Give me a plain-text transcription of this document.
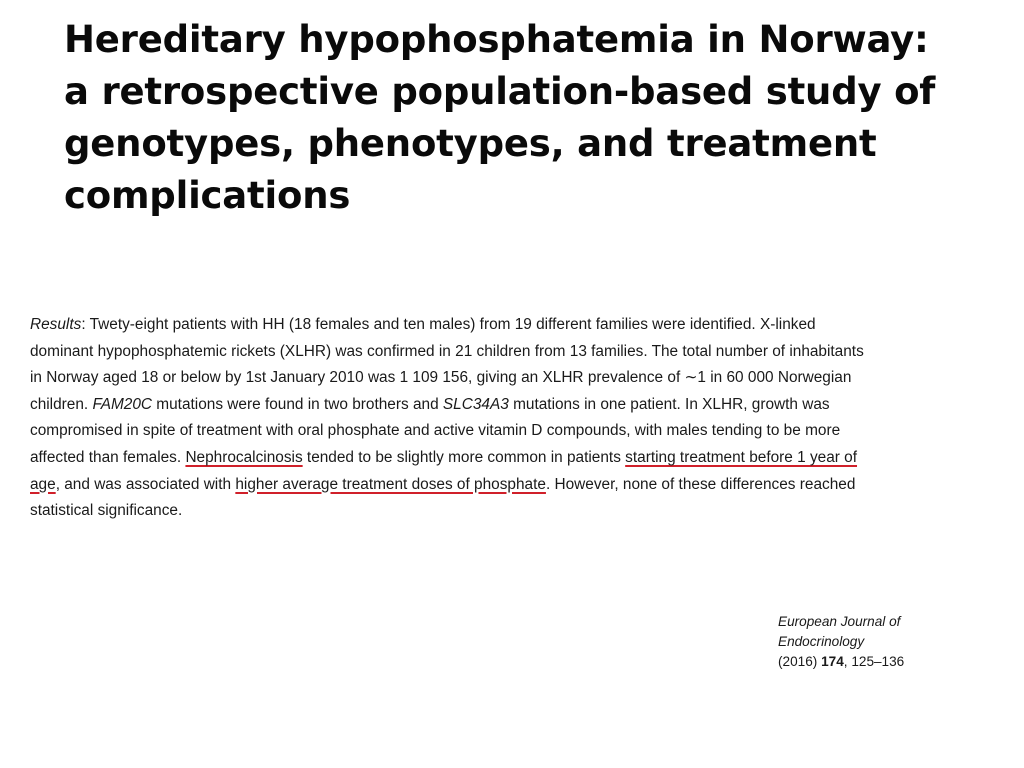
Hereditary hypophosphatemia in Norway:
a retrospective population-based study of
genotypes, phenotypes, and treatment
complications
Results: Twety-eight patients with HH (18 females and ten males) from 19 different families were identified. X-linked
dominant hypophosphatemic rickets (XLHR) was confirmed in 21 children from 13 families. The total number of inhabitants
in Norway aged 18 or below by 1st January 2010 was 1 109 156, giving an XLHR prevalence of ∼1 in 60 000 Norwegian
children. FAM20C mutations were found in two brothers and SLC34A3 mutations in one patient. In XLHR, growth was
compromised in spite of treatment with oral phosphate and active vitamin D compounds, with males tending to be more
affected than females. Nephrocalcinosis tended to be slightly more common in patients starting treatment before 1 year of
age, and was associated with higher average treatment doses of phosphate. However, none of these differences reached
statistical significance.
European Journal of
Endocrinology
(2016) 174, 125–136
